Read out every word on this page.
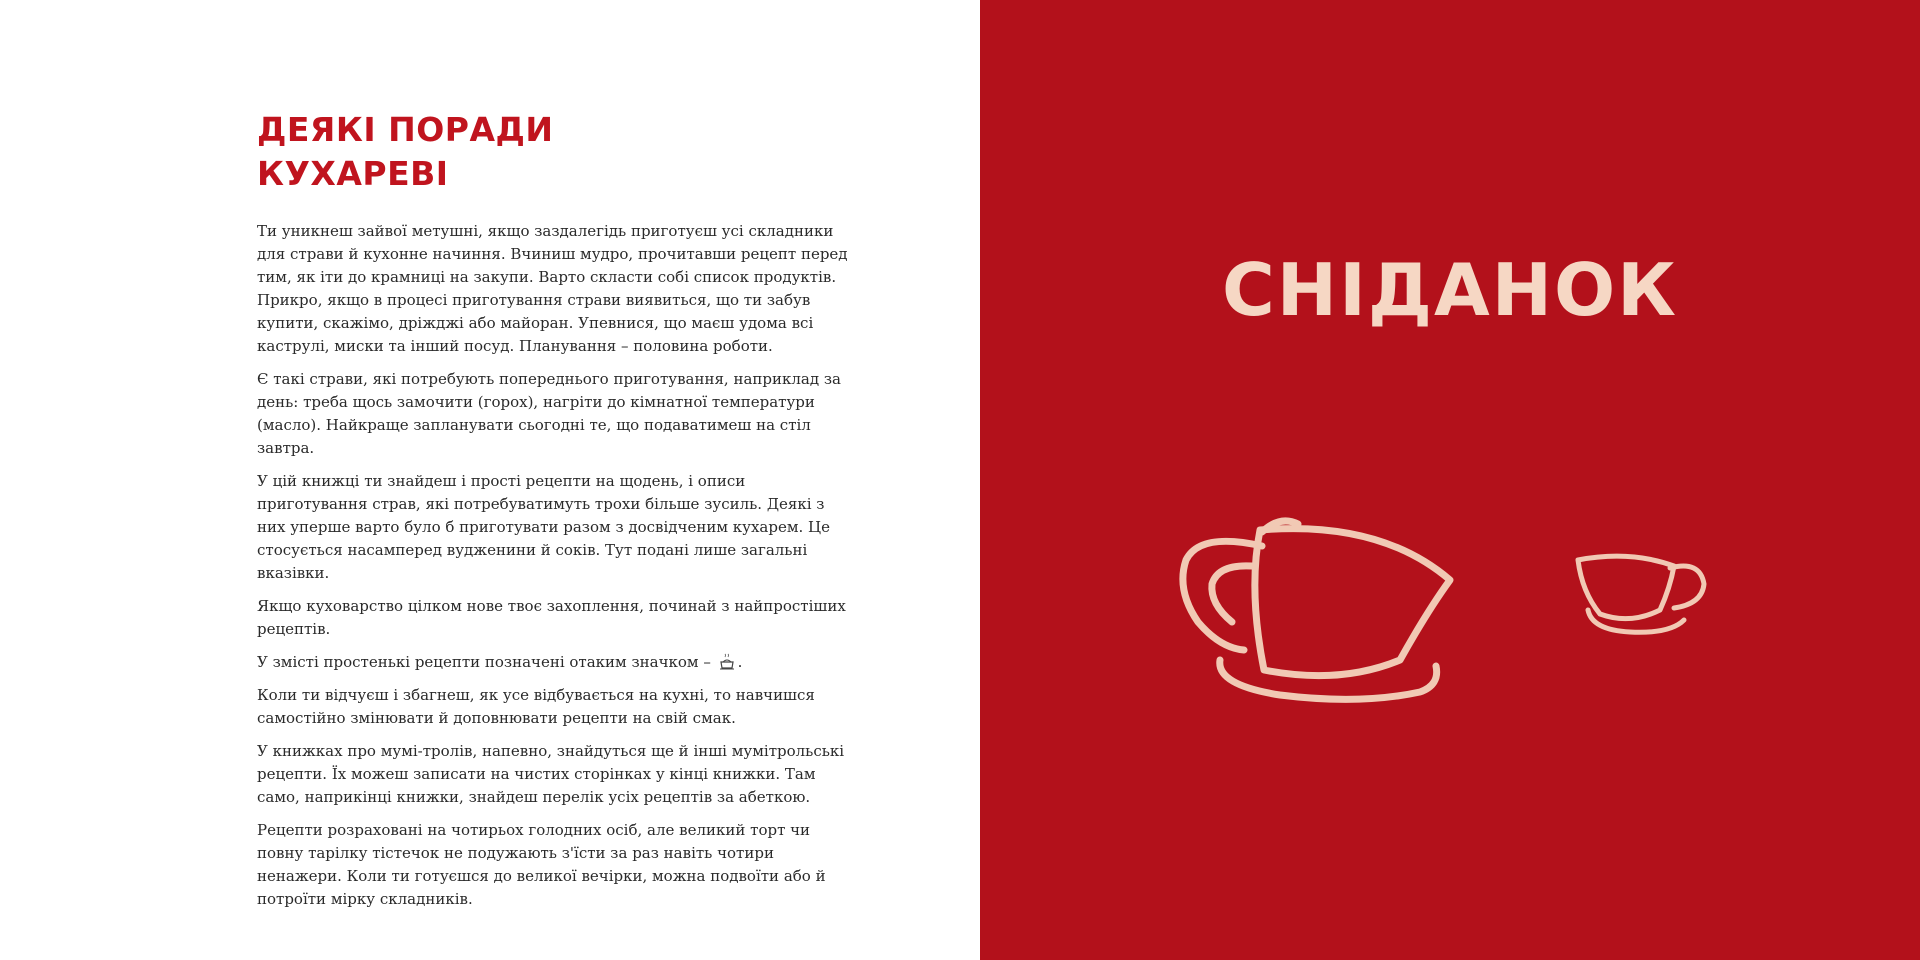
ДЕЯКІ ПОРАДИ
КУХАРЕВІ

Ти уникнеш зайвої метушні, якщо заздалегідь приготуєш усі складники для страви й кухонне начиння. Вчиниш мудро, прочитавши рецепт перед тим, як іти до крамниці на закупи. Варто скласти собі список продуктів. Прикро, якщо в процесі приготування страви виявиться, що ти забув купити, скажімо, дріжджі або майоран. Упевнися, що маєш удома всі каструлі, миски та інший посуд. Планування – половина роботи.

Є такі страви, які потребують попереднього приготування, наприклад за день: треба щось замочити (горох), нагріти до кімнатної температури (масло). Найкраще запланувати сьогодні те, що подаватимеш на стіл завтра.

У цій книжці ти знайдеш і прості рецепти на щодень, і описи приготування страв, які потребуватимуть трохи більше зусиль. Деякі з них уперше варто було б приготувати разом з досвідченим кухарем. Це стосується насамперед вудженини й соків. Тут подані лише загальні вказівки.

Якщо куховарство цілком нове твоє захоплення, починай з найпростіших рецептів.

У змісті простенькі рецепти позначені отаким значком – .

Коли ти відчуєш і збагнеш, як усе відбувається на кухні, то навчишся самостійно змінювати й доповнювати рецепти на свій смак.

У книжках про мумі-тролів, напевно, знайдуться ще й інші мумітрольські рецепти. Їх можеш записати на чистих сторінках у кінці книжки. Там само, наприкінці книжки, знайдеш перелік усіх рецептів за абеткою.

Рецепти розраховані на чотирьох голодних осіб, але великий торт чи повну тарілку тістечок не подужають з'їсти за раз навіть чотири ненажери. Коли ти готуєшся до великої вечірки, можна подвоїти або й потроїти мірку складників.

СНІДАНОК
